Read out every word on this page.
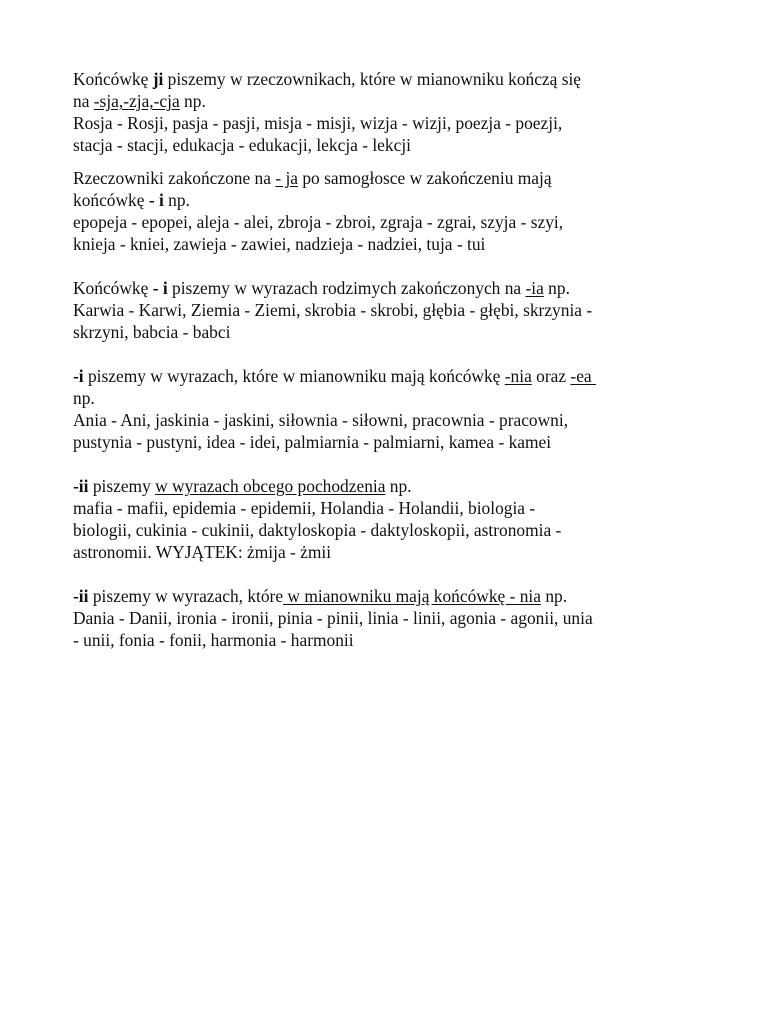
Końcówkę ji piszemy w rzeczownikach, które w mianowniku kończą się
na -sja,-zja,-cja np.
Rosja - Rosji, pasja - pasji, misja - misji, wizja - wizji, poezja - poezji,
stacja - stacji, edukacja - edukacji, lekcja - lekcji

Rzeczowniki zakończone na - ja po samogłosce w zakończeniu mają
końcówkę - i np.
epopeja - epopei, aleja - alei, zbroja - zbroi, zgraja - zgrai, szyja - szyi,
knieja - kniei, zawieja - zawiei, nadzieja - nadziei, tuja - tui

Końcówkę - i piszemy w wyrazach rodzimych zakończonych na -ia np.
Karwia - Karwi, Ziemia - Ziemi, skrobia - skrobi, głębia - głębi, skrzynia -
skrzyni, babcia - babci

-i piszemy w wyrazach, które w mianowniku mają końcówkę -nia oraz -ea
np.
Ania - Ani, jaskinia - jaskini, siłownia - siłowni, pracownia - pracowni,
pustynia - pustyni, idea - idei, palmiarnia - palmiarni, kamea - kamei

-ii piszemy w wyrazach obcego pochodzenia np.
mafia - mafii, epidemia - epidemii, Holandia - Holandii, biologia -
biologii, cukinia - cukinii, daktyloskopia - daktyloskopii, astronomia -
astronomii. WYJĄTEK: żmija - żmii

-ii piszemy w wyrazach, które w mianowniku mają końcówkę - nia np.
Dania - Danii, ironia - ironii, pinia - pinii, linia - linii, agonia - agonii, unia
- unii, fonia - fonii, harmonia - harmonii
